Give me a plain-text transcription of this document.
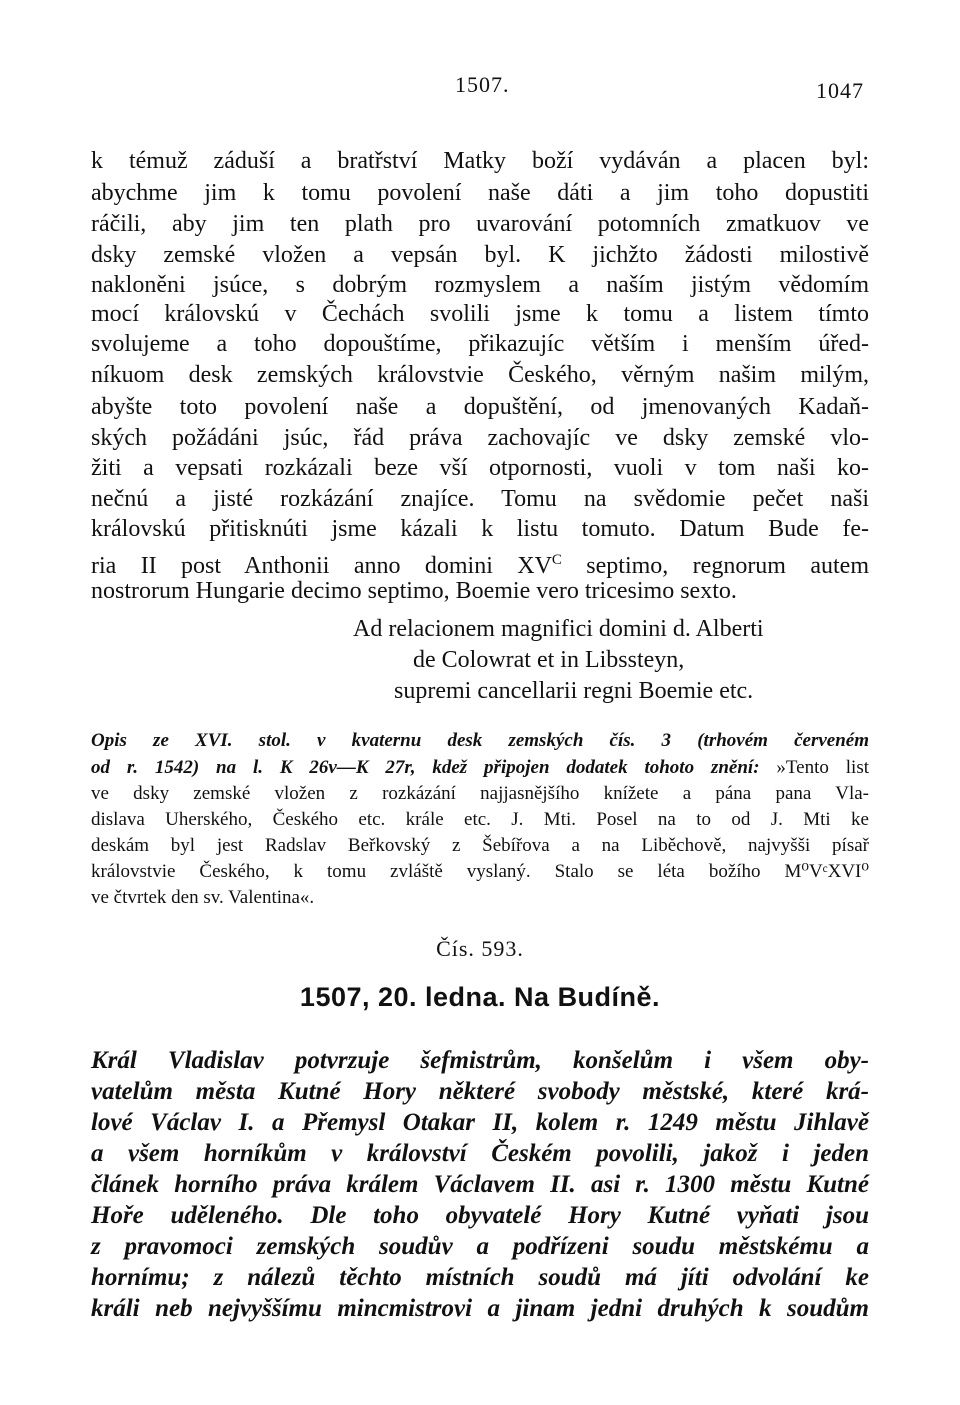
1507.	1047
k témuž záduší a bratřství Matky boží vydáván a placen byl:
abychme jim k tomu povolení naše dáti a jim toho dopustiti
ráčili, aby jim ten plath pro uvarování potomních zmatkuov ve
dsky zemské vložen a vepsán byl. K jichžto žádosti milostivě
nakloněni jsúce, s dobrým rozmyslem a naším jistým vědomím
mocí královskú v Čechách svolili jsme k tomu a listem tímto
svolujeme a toho dopouštíme, přikazujíc větším i menším úřed-
níkuom desk zemských královstvie Českého, věrným našim milým,
abyšte toto povolení naše a dopuštění, od jmenovaných Kadaň-
ských požádáni jsúc, řád práva zachovajíc ve dsky zemské vlo-
žiti a vepsati rozkázali beze vší otpornosti, vuoli v tom naši ko-
nečnú a jisté rozkázání znajíce. Tomu na svědomie pečet naši
královskú přitisknúti jsme kázali k listu tomuto. Datum Bude fe-
ria II post Anthonii anno domini $XV^C$ septimo, regnorum autem
nostrorum Hungarie decimo septimo, Boemie vero tricesimo sexto.
Ad relacionem magnifici domini d. Alberti
de Colowrat et in Libssteyn,
supremi cancellarii regni Boemie etc.
Opis ze XVI. stol. v kvaternu desk zemských čís. 3 (trhovém červeném
od r. 1542) na l. K 26v—K 27r, kdež připojen dodatek tohoto znění: »Tento list
ve dsky zemské vložen z rozkázání najjasnějšího knížete a pána pana Vla-
dislava Uherského, Českého etc. krále etc. J. Mti. Posel na to od J. Mti ke
deskám byl jest Radslav Beřkovský z Šebířova a na Liběchově, najvyšši písař
královstvie Českého, k tomu zvláště vyslaný. Stalo se léta božího M⁰VᶜXVI⁰
ve čtvrtek den sv. Valentina«.
Čís. 593.
1507, 20. ledna. Na Budíně.
Král Vladislav potvrzuje šefmistrům, konšelům i všem oby-
vatelům města Kutné Hory některé svobody městské, které krá-
lové Václav I. a Přemysl Otakar II, kolem r. 1249 městu Jihlavě
a všem horníkům v království Českém povolili, jakož i jeden
článek horního práva králem Václavem II. asi r. 1300 městu Kutné
Hoře uděleného. Dle toho obyvatelé Hory Kutné vyňati jsou
z pravomoci zemských soudův a podřízeni soudu městskému a
hornímu; z nálezů těchto místních soudů má jíti odvolání ke
králi neb nejvyššímu mincmistrovi a jinam jedni druhých k soudům
